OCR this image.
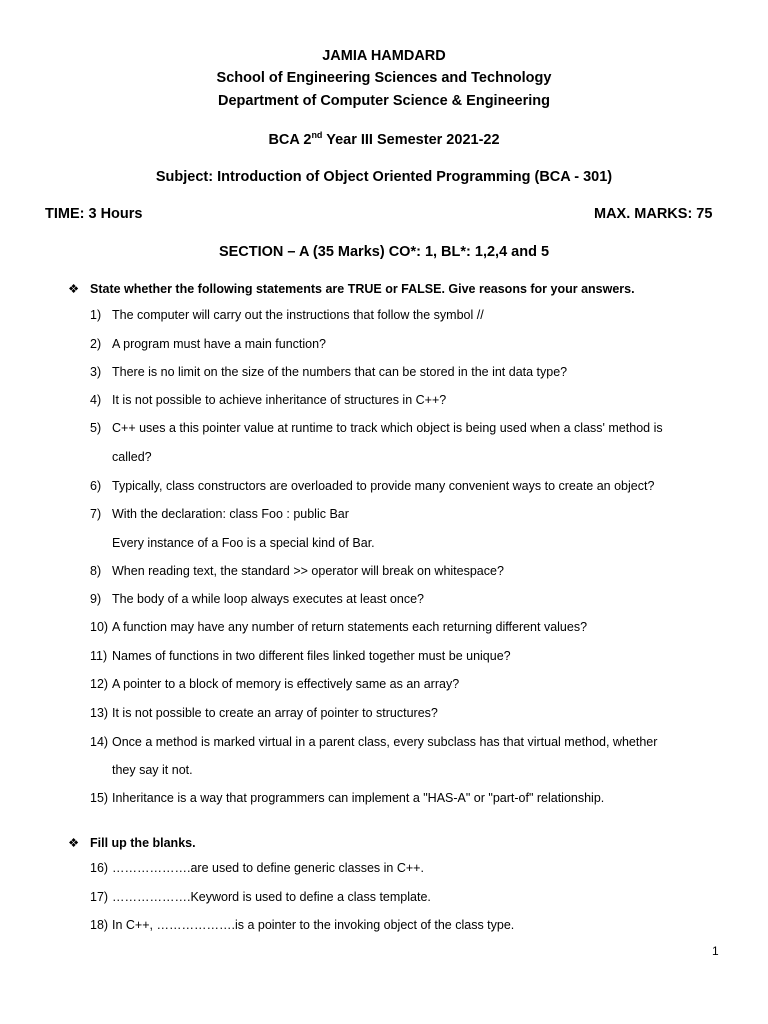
JAMIA HAMDARD
School of Engineering Sciences and Technology
Department of Computer Science & Engineering
BCA 2nd Year III Semester 2021-22
Subject: Introduction of Object Oriented Programming (BCA - 301)
TIME: 3 Hours	MAX. MARKS: 75
SECTION – A (35 Marks) CO*: 1, BL*: 1,2,4 and 5
❖ State whether the following statements are TRUE or FALSE. Give reasons for your answers.
1) The computer will carry out the instructions that follow the symbol //
2) A program must have a main function?
3) There is no limit on the size of the numbers that can be stored in the int data type?
4) It is not possible to achieve inheritance of structures in C++?
5) C++ uses a this pointer value at runtime to track which object is being used when a class' method is
called?
6) Typically, class constructors are overloaded to provide many convenient ways to create an object?
7) With the declaration: class Foo : public Bar
Every instance of a Foo is a special kind of Bar.
8) When reading text, the standard >> operator will break on whitespace?
9) The body of a while loop always executes at least once?
10) A function may have any number of return statements each returning different values?
11) Names of functions in two different files linked together must be unique?
12) A pointer to a block of memory is effectively same as an array?
13) It is not possible to create an array of pointer to structures?
14) Once a method is marked virtual in a parent class, every subclass has that virtual method, whether
they say it not.
15) Inheritance is a way that programmers can implement a "HAS-A" or "part-of" relationship.
❖ Fill up the blanks.
16) ……………….are used to define generic classes in C++.
17) ……………….Keyword is used to define a class template.
18) In C++, ……………….is a pointer to the invoking object of the class type.
1
